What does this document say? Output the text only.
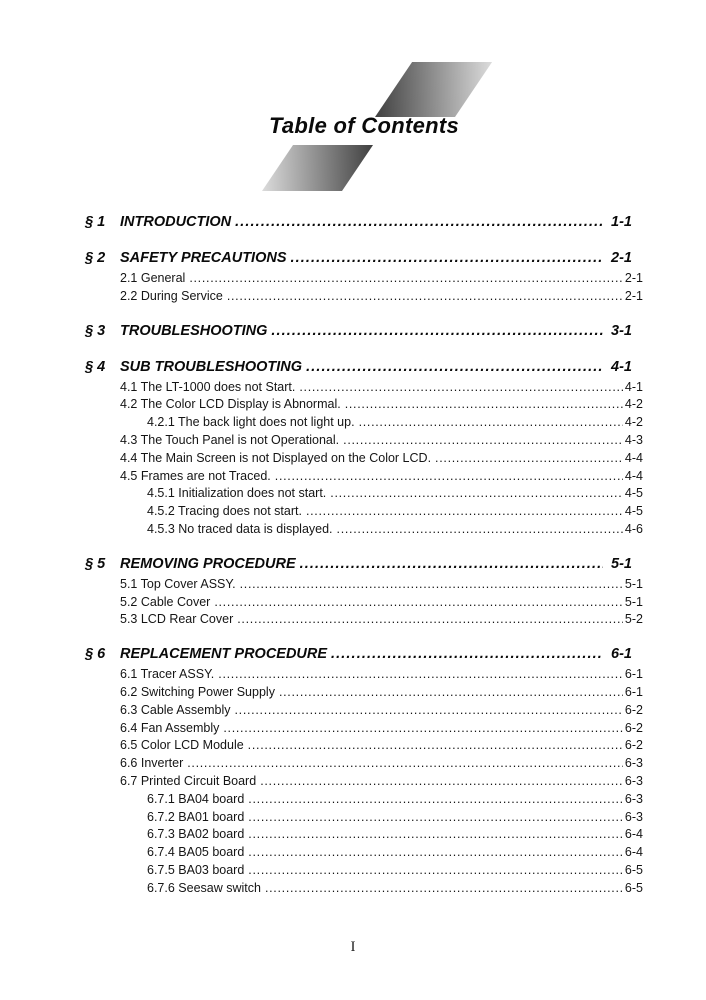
Table of Contents
§ 1	INTRODUCTION .....	1-1
§ 2	SAFETY PRECAUTIONS .....	2-1
2.1 General .....	2-1
2.2 During Service .....	2-1
§ 3	TROUBLESHOOTING .....	3-1
§ 4	SUB TROUBLESHOOTING .....	4-1
4.1 The LT-1000 does not Start. .....	4-1
4.2 The Color LCD Display is Abnormal. .....	4-2
4.2.1 The back light does not light up. .....	4-2
4.3 The Touch Panel is not Operational. .....	4-3
4.4 The Main Screen is not Displayed on the Color LCD. .....	4-4
4.5 Frames are not Traced. .....	4-4
4.5.1 Initialization does not start. .....	4-5
4.5.2 Tracing does not start. .....	4-5
4.5.3 No traced data is displayed. .....	4-6
§ 5	REMOVING PROCEDURE .....	5-1
5.1 Top Cover ASSY. .....	5-1
5.2 Cable Cover .....	5-1
5.3 LCD Rear Cover .....	5-2
§ 6	REPLACEMENT PROCEDURE .....	6-1
6.1 Tracer ASSY. .....	6-1
6.2 Switching Power Supply .....	6-1
6.3 Cable Assembly .....	6-2
6.4 Fan Assembly .....	6-2
6.5 Color LCD Module .....	6-2
6.6 Inverter .....	6-3
6.7 Printed Circuit Board .....	6-3
6.7.1 BA04 board .....	6-3
6.7.2 BA01 board .....	6-3
6.7.3 BA02 board .....	6-4
6.7.4 BA05 board .....	6-4
6.7.5 BA03 board .....	6-5
6.7.6 Seesaw switch .....	6-5
I
